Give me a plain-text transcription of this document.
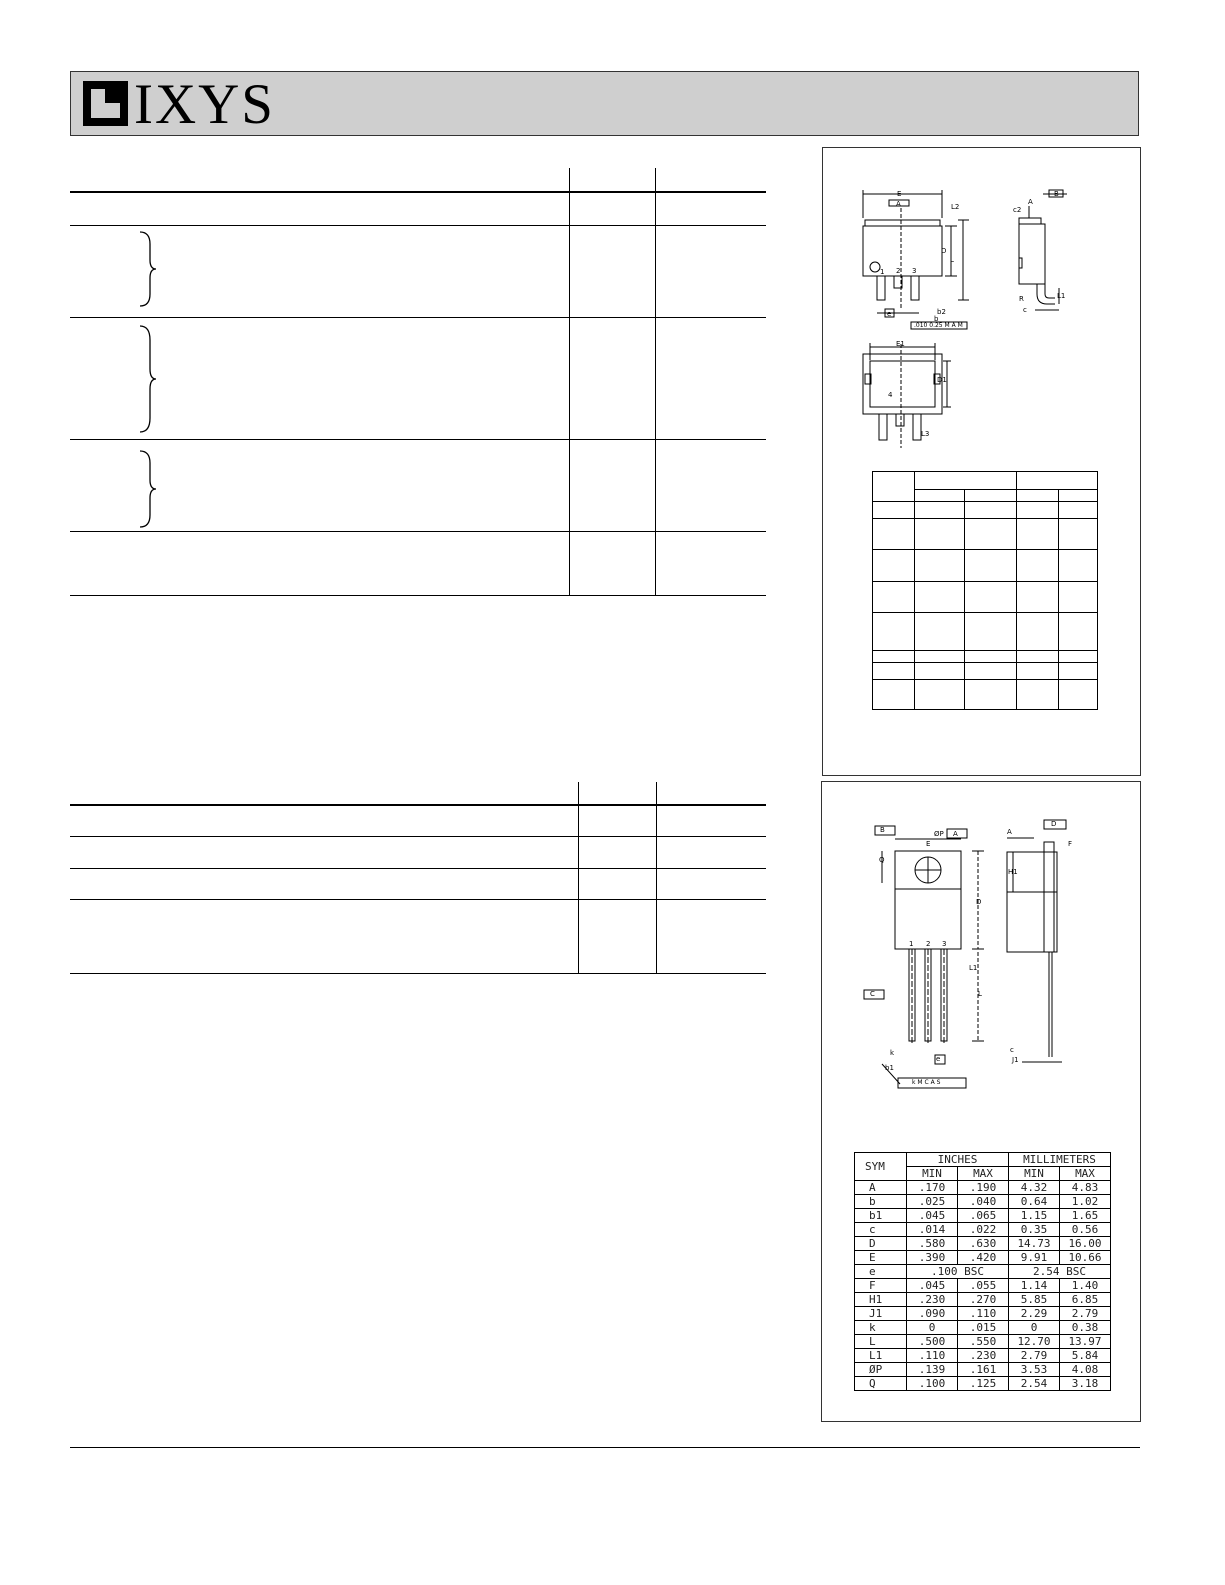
IXYS
E
A	L2
D
L
1 2 3
b2
b
e
.010 0.25 M A M
A
B
c2
R	L1
c
E1
D1
4
L3

B
E
ØP A	A
D
F
Q
H1
D
1 2 3
L1
L
C
k
b1
e
c
J1
k M C A S
SYM	INCHES		MILLIMETERS	
	MIN	MAX	MIN	MAX
A	.170	.190	4.32	4.83
b	.025	.040	0.64	1.02
b1	.045	.065	1.15	1.65
c	.014	.022	0.35	0.56
D	.580	.630	14.73	16.00
E	.390	.420	9.91	10.66
e	.100 BSC		2.54 BSC	
F	.045	.055	1.14	1.40
H1	.230	.270	5.85	6.85
J1	.090	.110	2.29	2.79
k	0	.015	0	0.38
L	.500	.550	12.70	13.97
L1	.110	.230	2.79	5.84
ØP	.139	.161	3.53	4.08
Q	.100	.125	2.54	3.18
